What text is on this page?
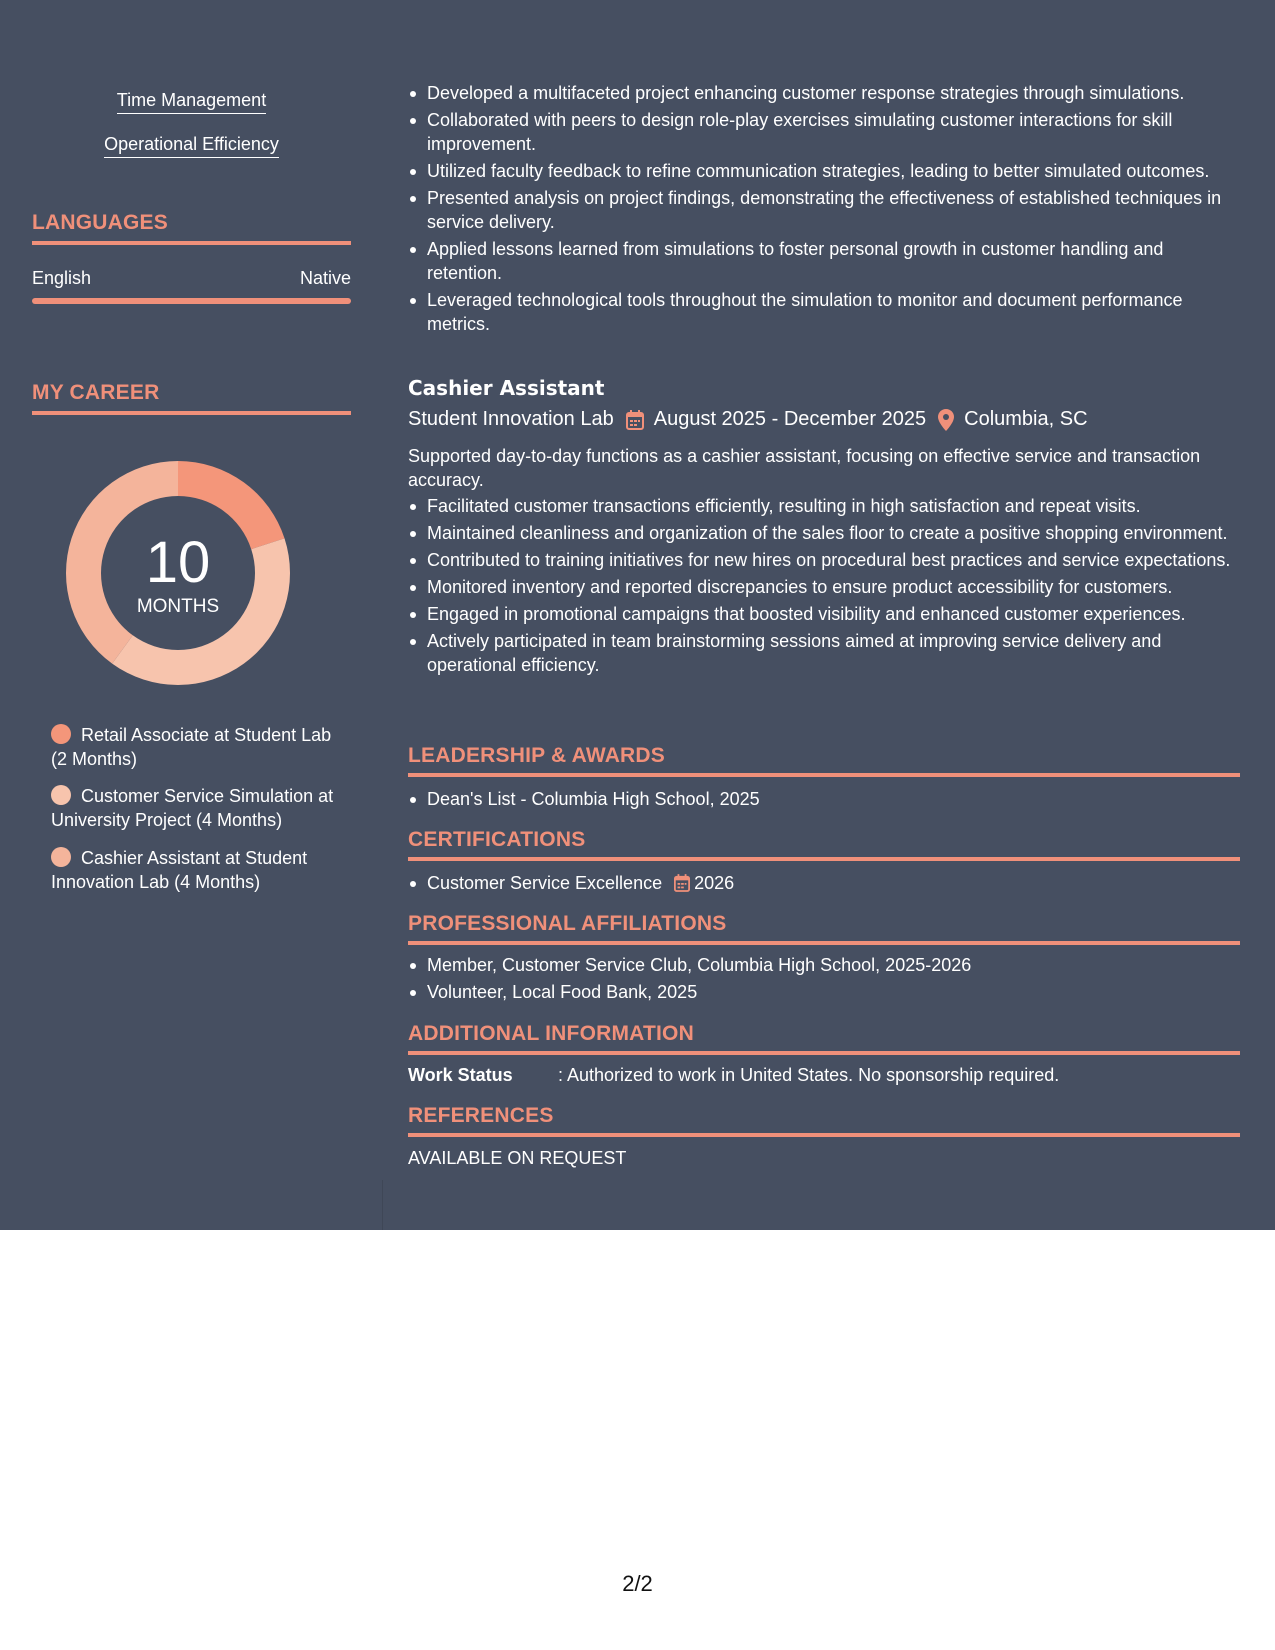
Time Management
Operational Efficiency
LANGUAGES
English	Native
MY CAREER
10
MONTHS
Retail Associate at Student Lab (2 Months)
Customer Service Simulation at University Project (4 Months)
Cashier Assistant at Student Innovation Lab (4 Months)
Developed a multifaceted project enhancing customer response strategies through simulations.
Collaborated with peers to design role-play exercises simulating customer interactions for skill improvement.
Utilized faculty feedback to refine communication strategies, leading to better simulated outcomes.
Presented analysis on project findings, demonstrating the effectiveness of established techniques in service delivery.
Applied lessons learned from simulations to foster personal growth in customer handling and retention.
Leveraged technological tools throughout the simulation to monitor and document performance metrics.
Cashier Assistant
Student Innovation Lab August 2025 - December 2025 Columbia, SC
Supported day-to-day functions as a cashier assistant, focusing on effective service and transaction accuracy.
Facilitated customer transactions efficiently, resulting in high satisfaction and repeat visits.
Maintained cleanliness and organization of the sales floor to create a positive shopping environment.
Contributed to training initiatives for new hires on procedural best practices and service expectations.
Monitored inventory and reported discrepancies to ensure product accessibility for customers.
Engaged in promotional campaigns that boosted visibility and enhanced customer experiences.
Actively participated in team brainstorming sessions aimed at improving service delivery and operational efficiency.
LEADERSHIP & AWARDS
Dean's List - Columbia High School, 2025
CERTIFICATIONS
Customer Service Excellence 2026
PROFESSIONAL AFFILIATIONS
Member, Customer Service Club, Columbia High School, 2025-2026
Volunteer, Local Food Bank, 2025
ADDITIONAL INFORMATION
Work Status	: Authorized to work in United States. No sponsorship required.
REFERENCES
AVAILABLE ON REQUEST
2/2
